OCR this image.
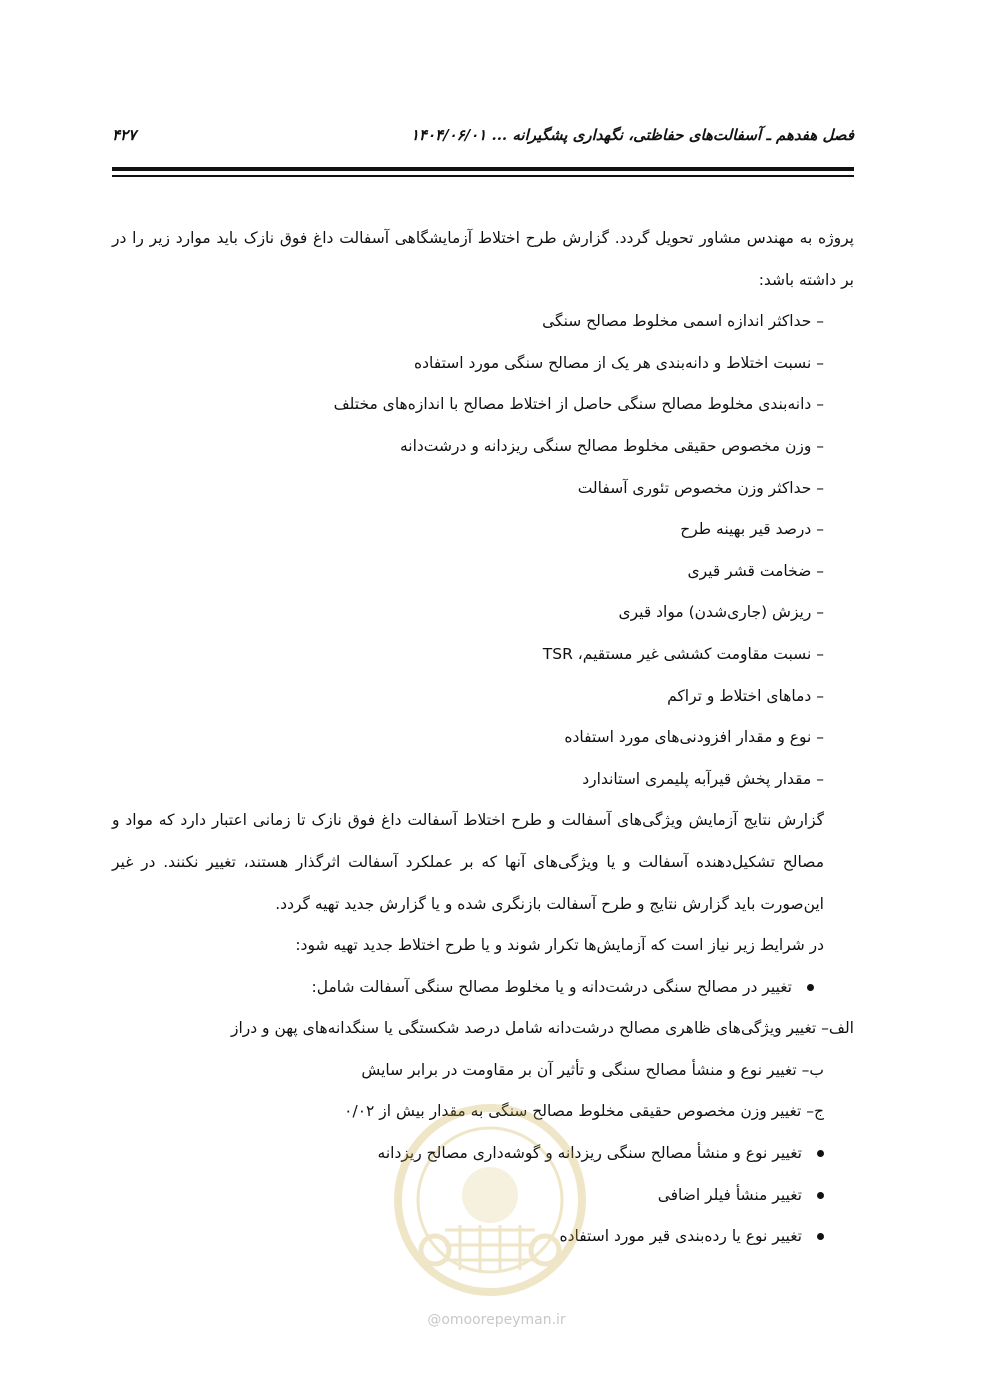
فصل هفدهم ـ آسفالت‌های حفاظتی، نگهداری پشگیرانه ... ۱۴۰۴/۰۶/۰۱
۴۲۷

پروژه به مهندس مشاور تحویل گردد. گزارش طرح اختلاط آزمایشگاهی آسفالت داغ فوق نازک باید موارد زیر را در بر داشته باشد:

– حداکثر اندازه اسمی مخلوط مصالح سنگی

– نسبت اختلاط و دانه‌بندی هر یک از مصالح سنگی مورد استفاده

– دانه‌بندی مخلوط مصالح سنگی حاصل از اختلاط مصالح با اندازه‌های مختلف

– وزن مخصوص حقیقی مخلوط مصالح سنگی ریزدانه و درشت‌دانه

– حداکثر وزن مخصوص تئوری آسفالت

– درصد قیر بهینه طرح

– ضخامت قشر قیری

– ریزش (جاری‌شدن) مواد قیری

– نسبت مقاومت کششی غیر مستقیم، TSR

– دماهای اختلاط و تراکم

– نوع و مقدار افزودنی‌های مورد استفاده

– مقدار پخش قیرآبه پلیمری استاندارد

گزارش نتایج آزمایش ویژگی‌های آسفالت و طرح اختلاط آسفالت داغ فوق نازک تا زمانی اعتبار دارد که مواد و مصالح تشکیل‌دهنده آسفالت و یا ویژگی‌های آنها که بر عملکرد آسفالت اثرگذار هستند، تغییر نکنند. در غیر این‌صورت باید گزارش نتایج و طرح آسفالت بازنگری شده و یا گزارش جدید تهیه گردد.

در شرایط زیر نیاز است که آزمایش‌ها تکرار شوند و یا طرح اختلاط جدید تهیه شود:

تغییر در مصالح سنگی درشت‌دانه و یا مخلوط مصالح سنگی آسفالت شامل:

الف– تغییر ویژگی‌های ظاهری مصالح درشت‌دانه شامل درصد شکستگی یا سنگدانه‌های پهن و دراز

ب– تغییر نوع و منشأ مصالح سنگی و تأثیر آن بر مقاومت در برابر سایش

ج– تغییر وزن مخصوص حقیقی مخلوط مصالح سنگی به مقدار بیش از ۰/۰۲

تغییر نوع و منشأ مصالح سنگی ریزدانه و گوشه‌داری مصالح ریزدانه

تغییر منشأ فیلر اضافی

تغییر نوع یا رده‌بندی قیر مورد استفاده

@omoorepeyman.ir
